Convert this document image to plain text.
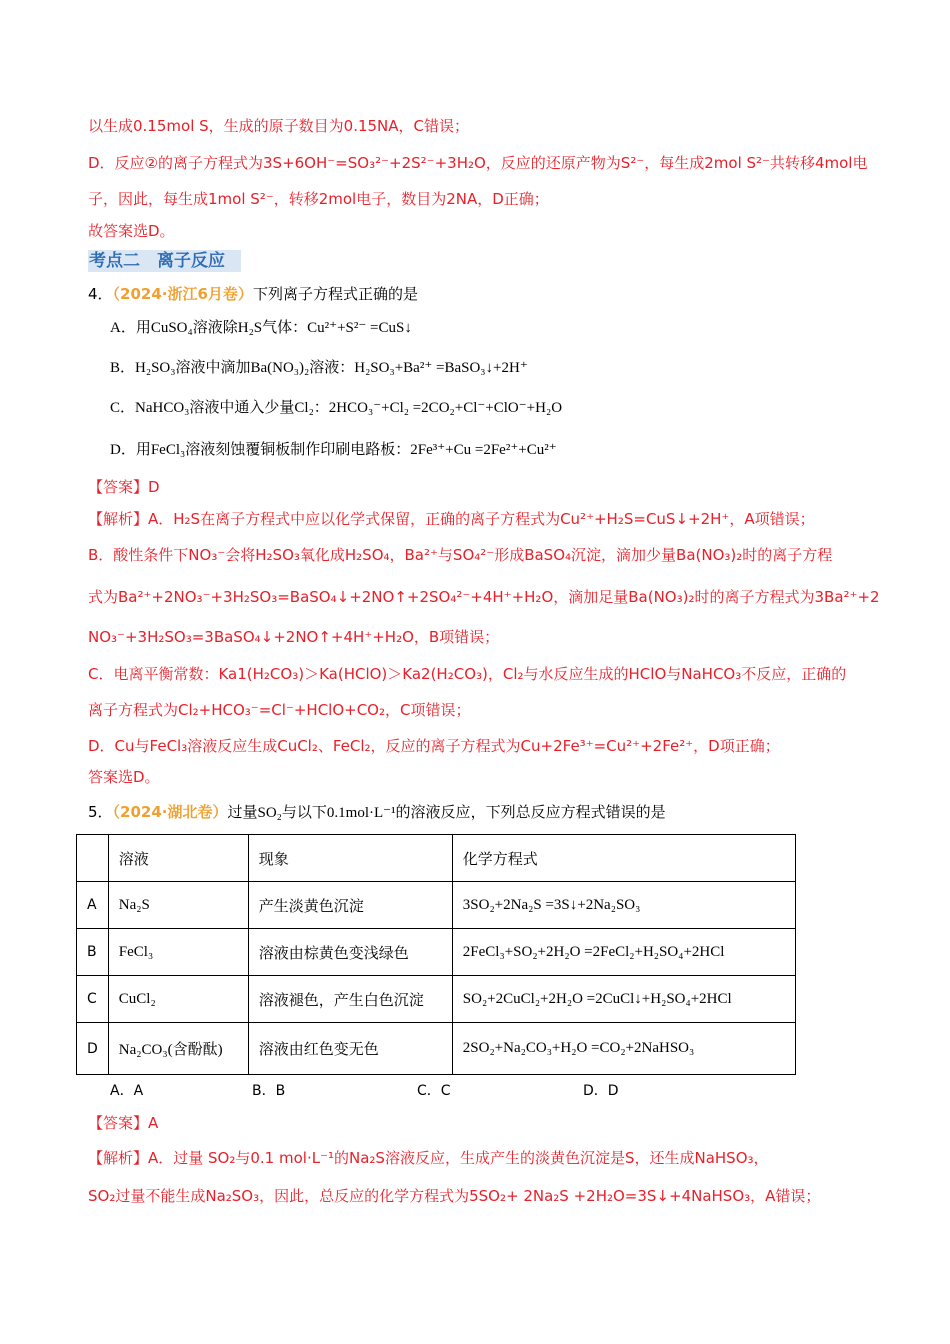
以生成0.15mol S，生成的原子数目为0.15NA，C错误；
D．反应②的离子方程式为3S+6OH⁻=SO₃²⁻+2S²⁻+3H₂O，反应的还原产物为S²⁻，每生成2mol S²⁻共转移4mol电
子，因此，每生成1mol S²⁻，转移2mol电子，数目为2NA，D正确；
故答案选D。
考点二　离子反应
4．（2024·浙江6月卷）下列离子方程式正确的是
A．用CuSO₄溶液除H₂S气体：Cu²⁺+S²⁻ =CuS↓
B．H₂SO₃溶液中滴加Ba(NO₃)₂溶液：H₂SO₃+Ba²⁺ =BaSO₃↓+2H⁺
C．NaHCO₃溶液中通入少量Cl₂：2HCO₃⁻+Cl₂ =2CO₂+Cl⁻+ClO⁻+H₂O
D．用FeCl₃溶液刻蚀覆铜板制作印刷电路板：2Fe³⁺+Cu =2Fe²⁺+Cu²⁺
【答案】D
【解析】A．H₂S在离子方程式中应以化学式保留，正确的离子方程式为Cu²⁺+H₂S=CuS↓+2H⁺，A项错误；
B．酸性条件下NO₃⁻会将H₂SO₃氧化成H₂SO₄，Ba²⁺与SO₄²⁻形成BaSO₄沉淀，滴加少量Ba(NO₃)₂时的离子方程
式为Ba²⁺+2NO₃⁻+3H₂SO₃=BaSO₄↓+2NO↑+2SO₄²⁻+4H⁺+H₂O，滴加足量Ba(NO₃)₂时的离子方程式为3Ba²⁺+2
NO₃⁻+3H₂SO₃=3BaSO₄↓+2NO↑+4H⁺+H₂O，B项错误；
C．电离平衡常数：Ka1(H₂CO₃)＞Ka(HClO)＞Ka2(H₂CO₃)，Cl₂与水反应生成的HClO与NaHCO₃不反应，正确的
离子方程式为Cl₂+HCO₃⁻=Cl⁻+HClO+CO₂，C项错误；
D．Cu与FeCl₃溶液反应生成CuCl₂、FeCl₂，反应的离子方程式为Cu+2Fe³⁺=Cu²⁺+2Fe²⁺，D项正确；
答案选D。
5．（2024·湖北卷）过量SO₂与以下0.1mol·L⁻¹的溶液反应，下列总反应方程式错误的是
	溶液	现象	化学方程式
A	Na₂S	产生淡黄色沉淀	3SO₂+2Na₂S =3S↓+2Na₂SO₃
B	FeCl₃	溶液由棕黄色变浅绿色	2FeCl₃+SO₂+2H₂O =2FeCl₂+H₂SO₄+2HCl
C	CuCl₂	溶液褪色，产生白色沉淀	SO₂+2CuCl₂+2H₂O =2CuCl↓+H₂SO₄+2HCl
D	Na₂CO₃(含酚酞)	溶液由红色变无色	2SO₂+Na₂CO₃+H₂O =CO₂+2NaHSO₃
A．A	B．B	C．C	D．D
【答案】A
【解析】A．过量 SO₂与0.1 mol·L⁻¹的Na₂S溶液反应，生成产生的淡黄色沉淀是S，还生成NaHSO₃，
SO₂过量不能生成Na₂SO₃，因此，总反应的化学方程式为5SO₂+ 2Na₂S +2H₂O=3S↓+4NaHSO₃，A错误；
